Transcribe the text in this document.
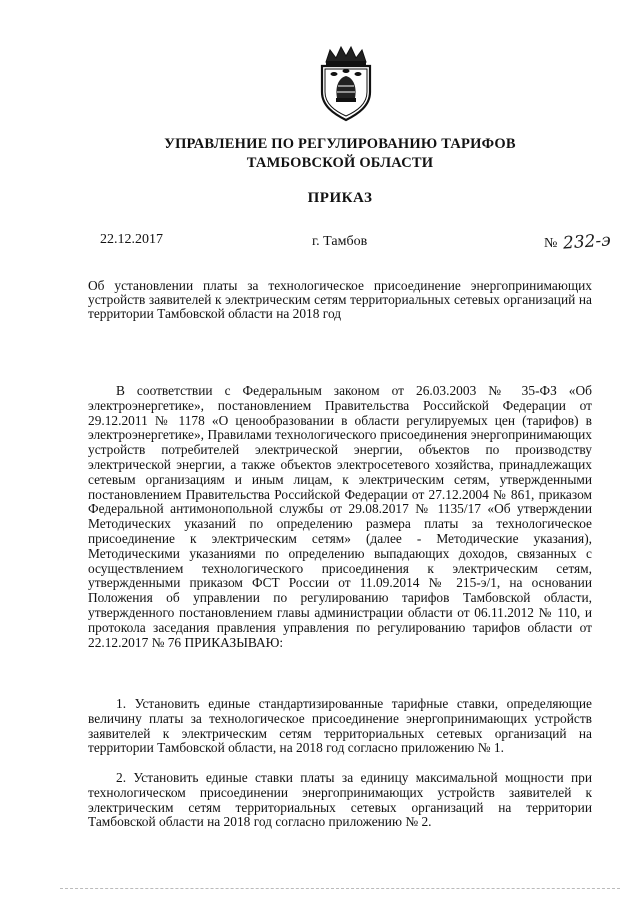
УПРАВЛЕНИЕ ПО РЕГУЛИРОВАНИЮ ТАРИФОВ
ТАМБОВСКОЙ ОБЛАСТИ
ПРИКАЗ
22.12.2017	г. Тамбов	№ 232-э
Об установлении платы за технологическое присоединение энергопринимающих устройств заявителей к электрическим сетям территориальных сетевых организаций на территории Тамбовской области на 2018 год

В соответствии с Федеральным законом от 26.03.2003 № 35-ФЗ «Об электроэнергетике», постановлением Правительства Российской Федерации от 29.12.2011 № 1178 «О ценообразовании в области регулируемых цен (тарифов) в электроэнергетике», Правилами технологического присоединения энергопринимающих устройств потребителей электрической энергии, объектов по производству электрической энергии, а также объектов электросетевого хозяйства, принадлежащих сетевым организациям и иным лицам, к электрическим сетям, утвержденными постановлением Правительства Российской Федерации от 27.12.2004 № 861, приказом Федеральной антимонопольной службы от 29.08.2017 № 1135/17 «Об утверждении Методических указаний по определению размера платы за технологическое присоединение к электрическим сетям» (далее - Методические указания), Методическими указаниями по определению выпадающих доходов, связанных с осуществлением технологического присоединения к электрическим сетям, утвержденными приказом ФСТ России от 11.09.2014 № 215-э/1, на основании Положения об управлении по регулированию тарифов Тамбовской области, утвержденного постановлением главы администрации области от 06.11.2012 № 110, и протокола заседания правления управления по регулированию тарифов области от 22.12.2017 № 76 ПРИКАЗЫВАЮ:

1. Установить единые стандартизированные тарифные ставки, определяющие величину платы за технологическое присоединение энергопринимающих устройств заявителей к электрическим сетям территориальных сетевых организаций на территории Тамбовской области, на 2018 год согласно приложению № 1.

2. Установить единые ставки платы за единицу максимальной мощности при технологическом присоединении энергопринимающих устройств заявителей к электрическим сетям территориальных сетевых организаций на территории Тамбовской области на 2018 год согласно приложению № 2.
